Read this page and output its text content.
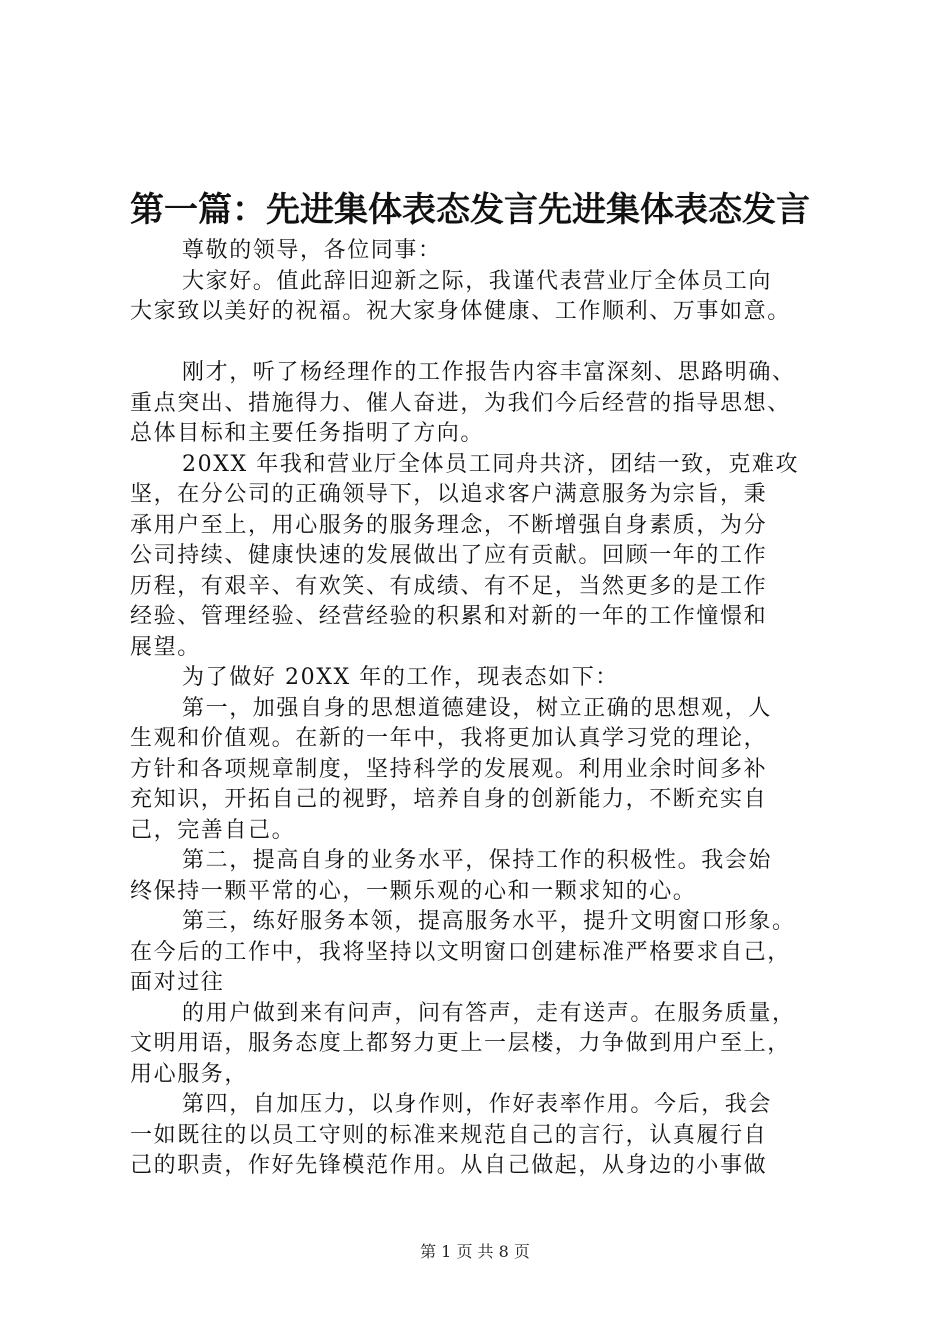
第一篇：先进集体表态发言先进集体表态发言
尊敬的领导，各位同事：
大家好。值此辞旧迎新之际，我谨代表营业厅全体员工向
大家致以美好的祝福。祝大家身体健康、工作顺利、万事如意。
刚才，听了杨经理作的工作报告内容丰富深刻、思路明确、
重点突出、措施得力、催人奋进，为我们今后经营的指导思想、
总体目标和主要任务指明了方向。
20XX 年我和营业厅全体员工同舟共济，团结一致，克难攻
坚，在分公司的正确领导下，以追求客户满意服务为宗旨，秉
承用户至上，用心服务的服务理念，不断增强自身素质，为分
公司持续、健康快速的发展做出了应有贡献。回顾一年的工作
历程，有艰辛、有欢笑、有成绩、有不足，当然更多的是工作
经验、管理经验、经营经验的积累和对新的一年的工作憧憬和
展望。
为了做好 20XX 年的工作，现表态如下：
第一，加强自身的思想道德建设，树立正确的思想观，人
生观和价值观。在新的一年中，我将更加认真学习党的理论，
方针和各项规章制度，坚持科学的发展观。利用业余时间多补
充知识，开拓自己的视野，培养自身的创新能力，不断充实自
己，完善自己。
第二，提高自身的业务水平，保持工作的积极性。我会始
终保持一颗平常的心，一颗乐观的心和一颗求知的心。
第三，练好服务本领，提高服务水平，提升文明窗口形象。
在今后的工作中，我将坚持以文明窗口创建标准严格要求自己，
面对过往
的用户做到来有问声，问有答声，走有送声。在服务质量，
文明用语，服务态度上都努力更上一层楼，力争做到用户至上，
用心服务，
第四，自加压力，以身作则，作好表率作用。今后，我会
一如既往的以员工守则的标准来规范自己的言行，认真履行自
己的职责，作好先锋模范作用。从自己做起，从身边的小事做
第 1 页 共 8 页
